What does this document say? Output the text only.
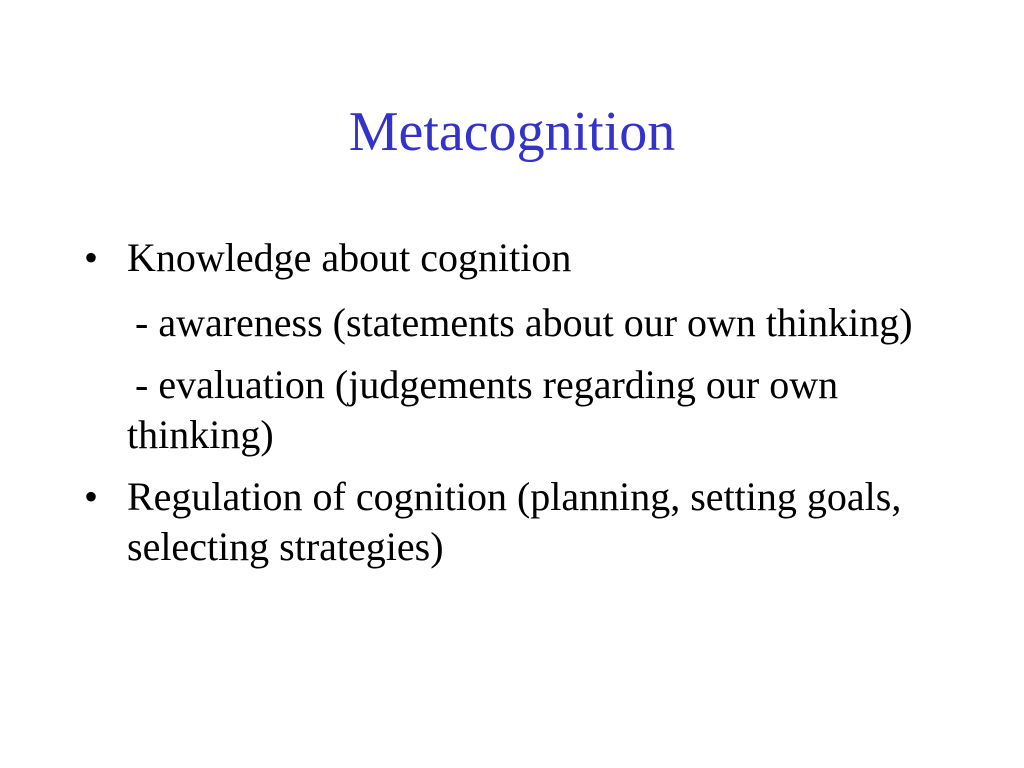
Metacognition
• Knowledge about cognition
- awareness (statements about our own thinking)
- evaluation (judgements regarding our own thinking)
• Regulation of cognition (planning, setting goals, selecting strategies)
